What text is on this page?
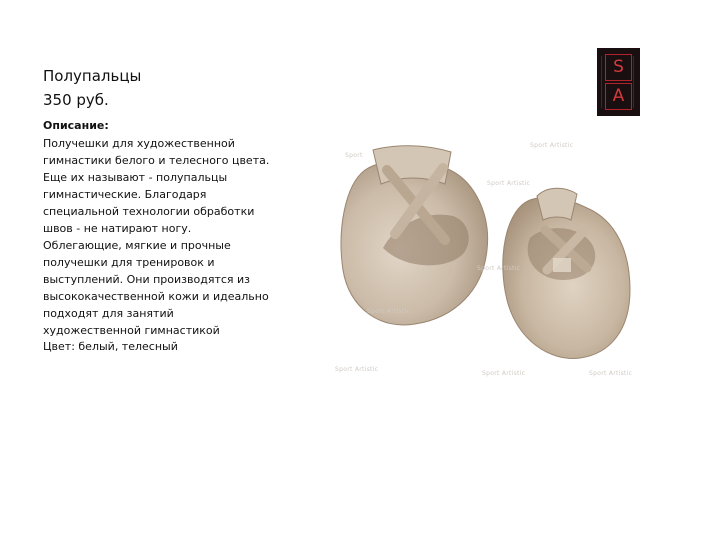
Полупальцы
350 руб.
Описание:
Получешки для художественной гимнастики белого и телесного цвета. Еще их называют - полупальцы гимнастические. Благодаря специальной технологии обработки швов - не натирают ногу. Облегающие, мягкие и прочные получешки для тренировок и выступлений. Они производятся из высококачественной кожи и идеально подходят для занятий художественной гимнастикой
Цвет: белый, телесный
S
A
Sport Artistic
Sport
Sport Artistic
Sport Artistic
Sport Artistic
Sport Artistic
Sport Artistic	Sport Artistic
